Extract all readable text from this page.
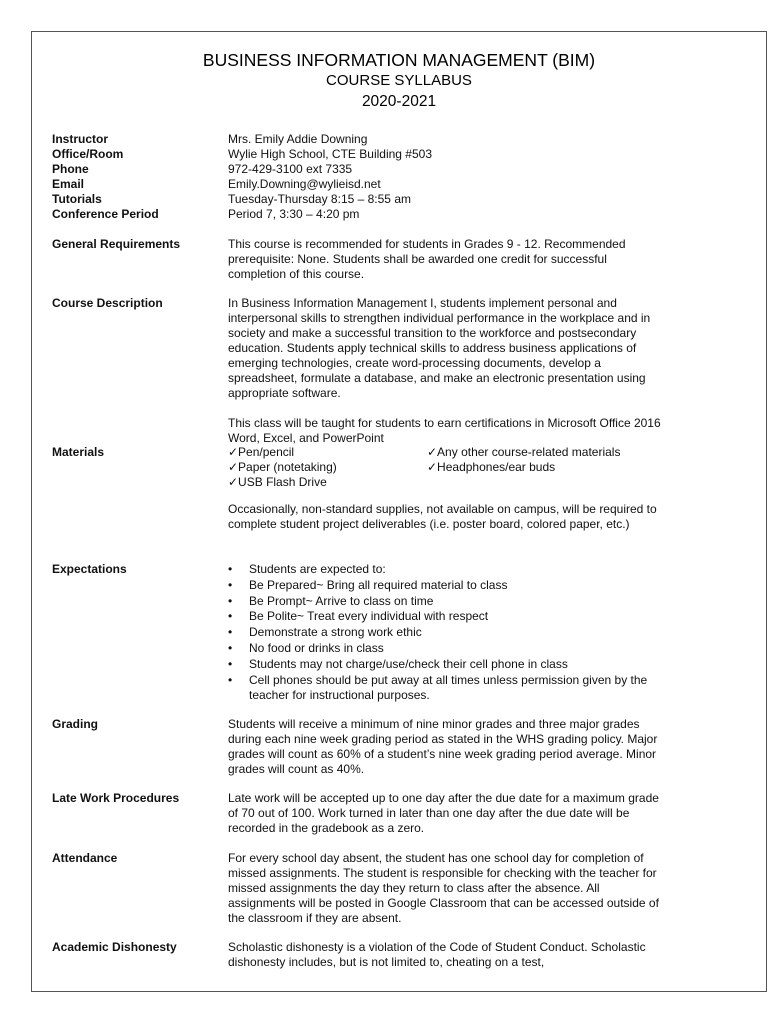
BUSINESS INFORMATION MANAGEMENT (BIM)
COURSE SYLLABUS
2020-2021
Instructor
Office/Room
Phone
Email
Tutorials
Conference Period
Mrs. Emily Addie Downing
Wylie High School, CTE Building #503
972-429-3100 ext 7335
Emily.Downing@wylieisd.net
Tuesday-Thursday 8:15 – 8:55 am
Period 7, 3:30 – 4:20 pm

General Requirements	This course is recommended for students in Grades 9 - 12. Recommended prerequisite: None. Students shall be awarded one credit for successful completion of this course.

Course Description	In Business Information Management I, students implement personal and interpersonal skills to strengthen individual performance in the workplace and in society and make a successful transition to the workforce and postsecondary education. Students apply technical skills to address business applications of emerging technologies, create word-processing documents, develop a spreadsheet, formulate a database, and make an electronic presentation using appropriate software.

This class will be taught for students to earn certifications in Microsoft Office 2016 Word, Excel, and PowerPoint

Materials	✓Pen/pencil	✓Any other course-related materials
✓Paper (notetaking)	✓Headphones/ear buds
✓USB Flash Drive

Occasionally, non-standard supplies, not available on campus, will be required to complete student project deliverables (i.e. poster board, colored paper, etc.)

Expectations

•	Students are expected to:
• Be Prepared~ Bring all required material to class
• Be Prompt~ Arrive to class on time
• Be Polite~ Treat every individual with respect
• Demonstrate a strong work ethic
• No food or drinks in class
• Students may not charge/use/check their cell phone in class
• Cell phones should be put away at all times unless permission given by the teacher for instructional purposes.

Grading	Students will receive a minimum of nine minor grades and three major grades during each nine week grading period as stated in the WHS grading policy. Major grades will count as 60% of a student’s nine week grading period average. Minor grades will count as 40%.

Late Work Procedures	Late work will be accepted up to one day after the due date for a maximum grade of 70 out of 100. Work turned in later than one day after the due date will be recorded in the gradebook as a zero.

Attendance	For every school day absent, the student has one school day for completion of missed assignments. The student is responsible for checking with the teacher for missed assignments the day they return to class after the absence. All assignments will be posted in Google Classroom that can be accessed outside of the classroom if they are absent.

Academic Dishonesty	Scholastic dishonesty is a violation of the Code of Student Conduct. Scholastic dishonesty includes, but is not limited to, cheating on a test,
